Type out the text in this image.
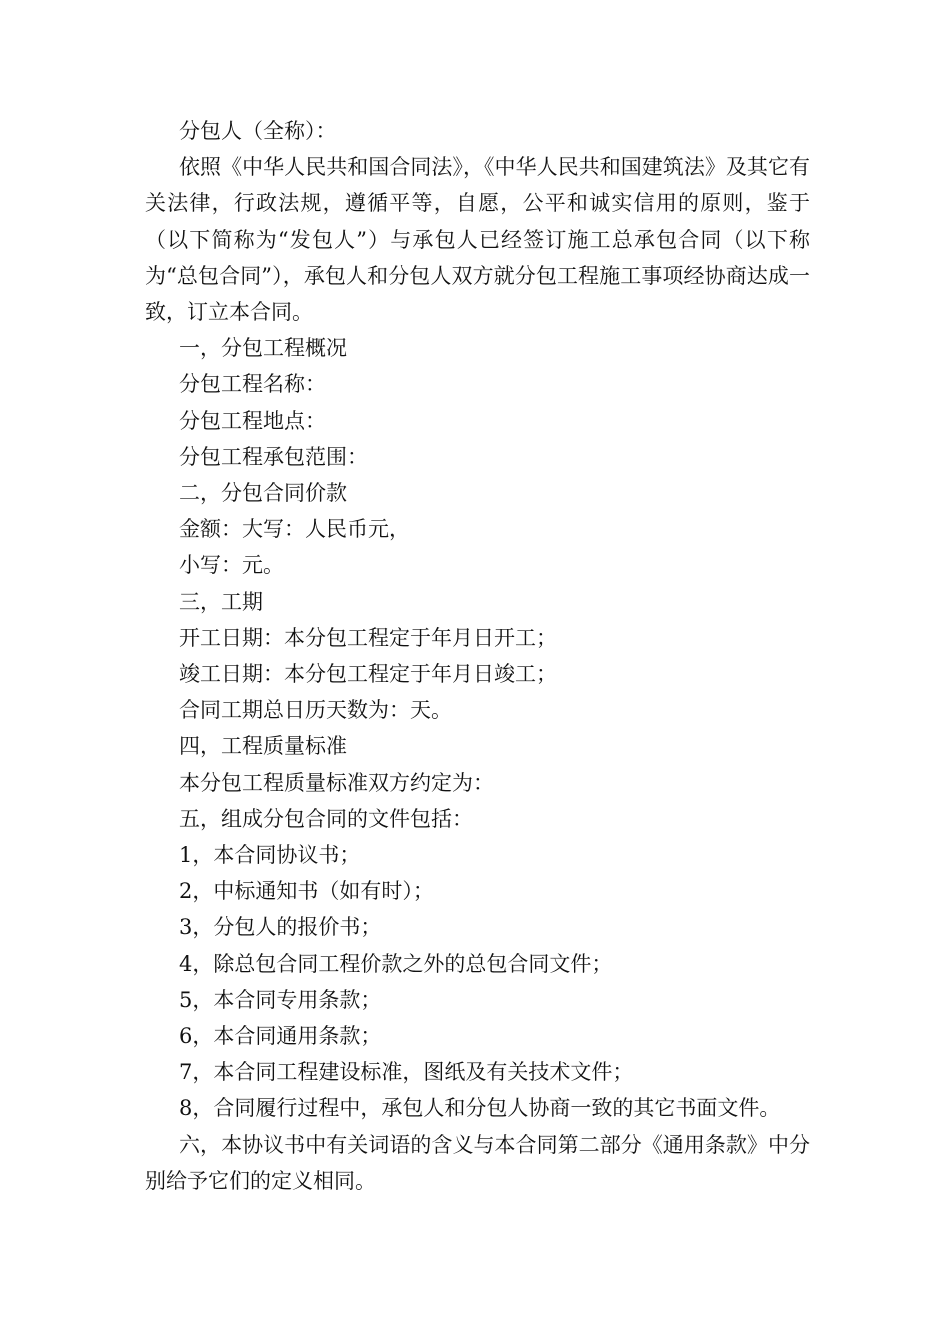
分包人（全称）：

依照《中华人民共和国合同法》，《中华人民共和国建筑法》及其它有关法律，行政法规，遵循平等，自愿，公平和诚实信用的原则，鉴于（以下简称为“发包人”）与承包人已经签订施工总承包合同（以下称为“总包合同”），承包人和分包人双方就分包工程施工事项经协商达成一致，订立本合同。

一，分包工程概况

分包工程名称：

分包工程地点：

分包工程承包范围：

二，分包合同价款

金额：大写：人民币元，

小写：元。

三，工期

开工日期：本分包工程定于年月日开工；

竣工日期：本分包工程定于年月日竣工；

合同工期总日历天数为：天。

四，工程质量标准

本分包工程质量标准双方约定为：

五，组成分包合同的文件包括：

1，本合同协议书；

2，中标通知书（如有时）；

3，分包人的报价书；

4，除总包合同工程价款之外的总包合同文件；

5，本合同专用条款；

6，本合同通用条款；

7，本合同工程建设标准，图纸及有关技术文件；

8，合同履行过程中，承包人和分包人协商一致的其它书面文件。

六，本协议书中有关词语的含义与本合同第二部分《通用条款》中分别给予它们的定义相同。
